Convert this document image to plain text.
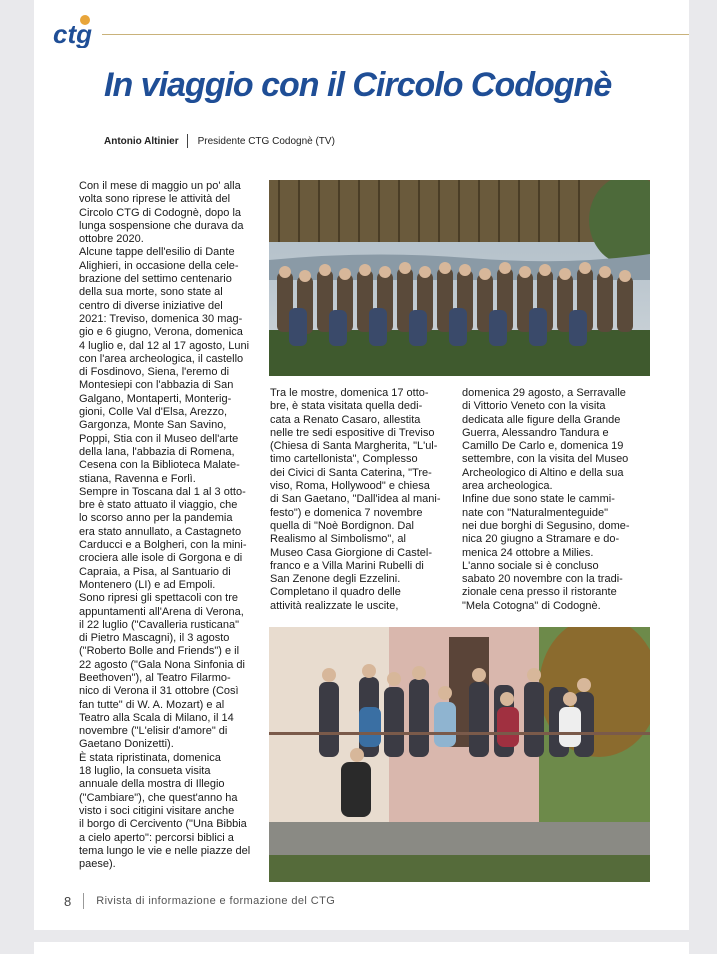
ctg
In viaggio con il Circolo Codognè
Antonio Altinier Presidente CTG Codognè (TV)
Con il mese di maggio un po' alla
volta sono riprese le attività del
Circolo CTG di Codognè, dopo la
lunga sospensione che durava da
ottobre 2020.
Alcune tappe dell'esilio di Dante
Alighieri, in occasione della cele-
brazione del settimo centenario
della sua morte, sono state al
centro di diverse iniziative del
2021: Treviso, domenica 30 mag-
gio e 6 giugno, Verona, domenica
4 luglio e, dal 12 al 17 agosto, Luni
con l'area archeologica, il castello
di Fosdinovo, Siena, l'eremo di
Montesiepi con l'abbazia di San
Galgano, Montaperti, Monterig-
gioni, Colle Val d'Elsa, Arezzo,
Gargonza, Monte San Savino,
Poppi, Stia con il Museo dell'arte
della lana, l'abbazia di Romena,
Cesena con la Biblioteca Malate-
stiana, Ravenna e Forlì.
Sempre in Toscana dal 1 al 3 otto-
bre è stato attuato il viaggio, che
lo scorso anno per la pandemia
era stato annullato, a Castagneto
Carducci e a Bolgheri, con la mini-
crociera alle isole di Gorgona e di
Capraia, a Pisa, al Santuario di
Montenero (LI) e ad Empoli.
Sono ripresi gli spettacoli con tre
appuntamenti all'Arena di Verona,
il 22 luglio ("Cavalleria rusticana"
di Pietro Mascagni), il 3 agosto
("Roberto Bolle and Friends") e il
22 agosto ("Gala Nona Sinfonia di
Beethoven"), al Teatro Filarmo-
nico di Verona il 31 ottobre (Così
fan tutte" di W. A. Mozart) e al
Teatro alla Scala di Milano, il 14
novembre ("L'elisir d'amore" di
Gaetano Donizetti).
È stata ripristinata, domenica
18 luglio, la consueta visita
annuale della mostra di Illegio
("Cambiare"), che quest'anno ha
visto i soci citigini visitare anche
il borgo di Cercivento ("Una Bibbia
a cielo aperto": percorsi biblici a
tema lungo le vie e nelle piazze del
paese).
Tra le mostre, domenica 17 otto-
bre, è stata visitata quella dedi-
cata a Renato Casaro, allestita
nelle tre sedi espositive di Treviso
(Chiesa di Santa Margherita, "L'ul-
timo cartellonista", Complesso
dei Civici di Santa Caterina, "Tre-
viso, Roma, Hollywood" e chiesa
di San Gaetano, "Dall'idea al mani-
festo") e domenica 7 novembre
quella di "Noè Bordignon. Dal
Realismo al Simbolismo", al
Museo Casa Giorgione di Castel-
franco e a Villa Marini Rubelli di
San Zenone degli Ezzelini.
Completano il quadro delle
attività realizzate le uscite,
domenica 29 agosto, a Serravalle
di Vittorio Veneto con la visita
dedicata alle figure della Grande
Guerra, Alessandro Tandura e
Camillo De Carlo e, domenica 19
settembre, con la visita del Museo
Archeologico di Altino e della sua
area archeologica.
Infine due sono state le cammi-
nate con "Naturalmenteguide"
nei due borghi di Segusino, dome-
nica 20 giugno a Stramare e do-
menica 24 ottobre a Milies.
L'anno sociale si è concluso
sabato 20 novembre con la tradi-
zionale cena presso il ristorante
"Mela Cotogna" di Codognè.
8 Rivista di informazione e formazione del CTG
